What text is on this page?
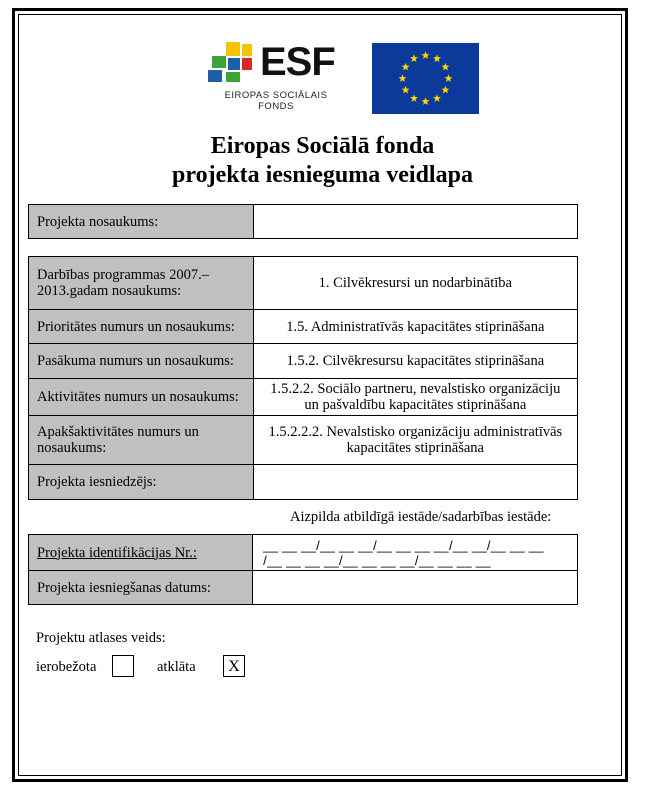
ESF
EIROPAS SOCIĀLAIS
FONDS
Eiropas Sociālā fonda
projekta iesnieguma veidlapa
Projekta nosaukums:	
Darbības programmas 2007.–2013.gadam nosaukums:	1. Cilvēkresursi un nodarbinātība
Prioritātes numurs un nosaukums:	1.5. Administratīvās kapacitātes stiprināšana
Pasākuma numurs un nosaukums:	1.5.2. Cilvēkresursu kapacitātes stiprināšana
Aktivitātes numurs un nosaukums:	1.5.2.2. Sociālo partneru, nevalstisko organizāciju un pašvaldību kapacitātes stiprināšana
Apakšaktivitātes numurs un nosaukums:	1.5.2.2.2. Nevalstisko organizāciju administratīvās kapacitātes stiprināšana
Projekta iesniedzējs:	
Aizpilda atbildīgā iestāde/sadarbības iestāde:
Projekta identifikācijas Nr.:	__ __ __/__ __ __/__ __ __ __/__ __/__ __ __
/__ __ __ __/__ __ __ __/__ __ __ __

Projekta iesniegšanas datums:	
Projektu atlases veids:
ierobežota	atklāta	X
